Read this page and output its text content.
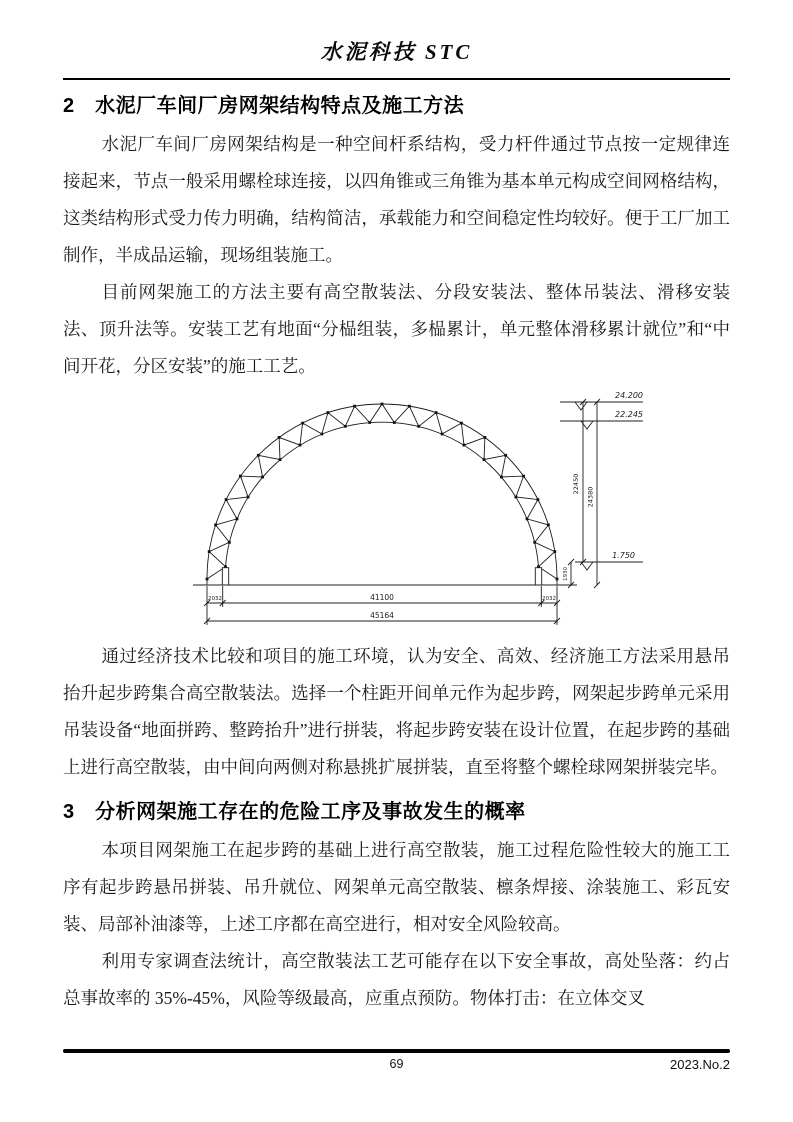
水泥科技 STC
2　水泥厂车间厂房网架结构特点及施工方法

水泥厂车间厂房网架结构是一种空间杆系结构，受力杆件通过节点按一定规律连接起来，节点一般采用螺栓球连接，以四角锥或三角锥为基本单元构成空间网格结构，这类结构形式受力传力明确，结构简洁，承载能力和空间稳定性均较好。便于工厂加工制作，半成品运输，现场组装施工。

目前网架施工的方法主要有高空散装法、分段安装法、整体吊装法、滑移安装法、顶升法等。安装工艺有地面“分榀组装，多榀累计，单元整体滑移累计就位”和“中间开花，分区安装”的施工工艺。

24.200
22.245
1.750
22450
24380
1930
2032	41100	2032
45164

通过经济技术比较和项目的施工环境，认为安全、高效、经济施工方法采用悬吊抬升起步跨集合高空散装法。选择一个柱距开间单元作为起步跨，网架起步跨单元采用吊装设备“地面拼跨、整跨抬升”进行拼装，将起步跨安装在设计位置，在起步跨的基础上进行高空散装，由中间向两侧对称悬挑扩展拼装，直至将整个螺栓球网架拼装完毕。

3　分析网架施工存在的危险工序及事故发生的概率

本项目网架施工在起步跨的基础上进行高空散装，施工过程危险性较大的施工工序有起步跨悬吊拼装、吊升就位、网架单元高空散装、檩条焊接、涂装施工、彩瓦安装、局部补油漆等，上述工序都在高空进行，相对安全风险较高。

利用专家调查法统计，高空散装法工艺可能存在以下安全事故，高处坠落：约占总事故率的 35%-45%，风险等级最高，应重点预防。物体打击：在立体交叉

69	2023.No.2
